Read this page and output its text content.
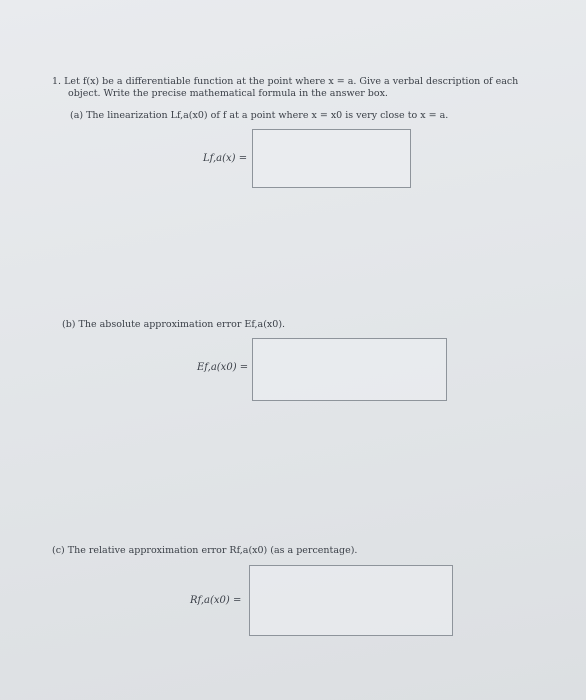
1. Let f(x) be a differentiable function at the point where x = a. Give a verbal description of each
object. Write the precise mathematical formula in the answer box.
(a) The linearization Lf,a(x0) of f at a point where x = x0 is very close to x = a.
Lf,a(x) =
(b) The absolute approximation error Ef,a(x0).
Ef,a(x0) =
(c) The relative approximation error Rf,a(x0) (as a percentage).
Rf,a(x0) =
